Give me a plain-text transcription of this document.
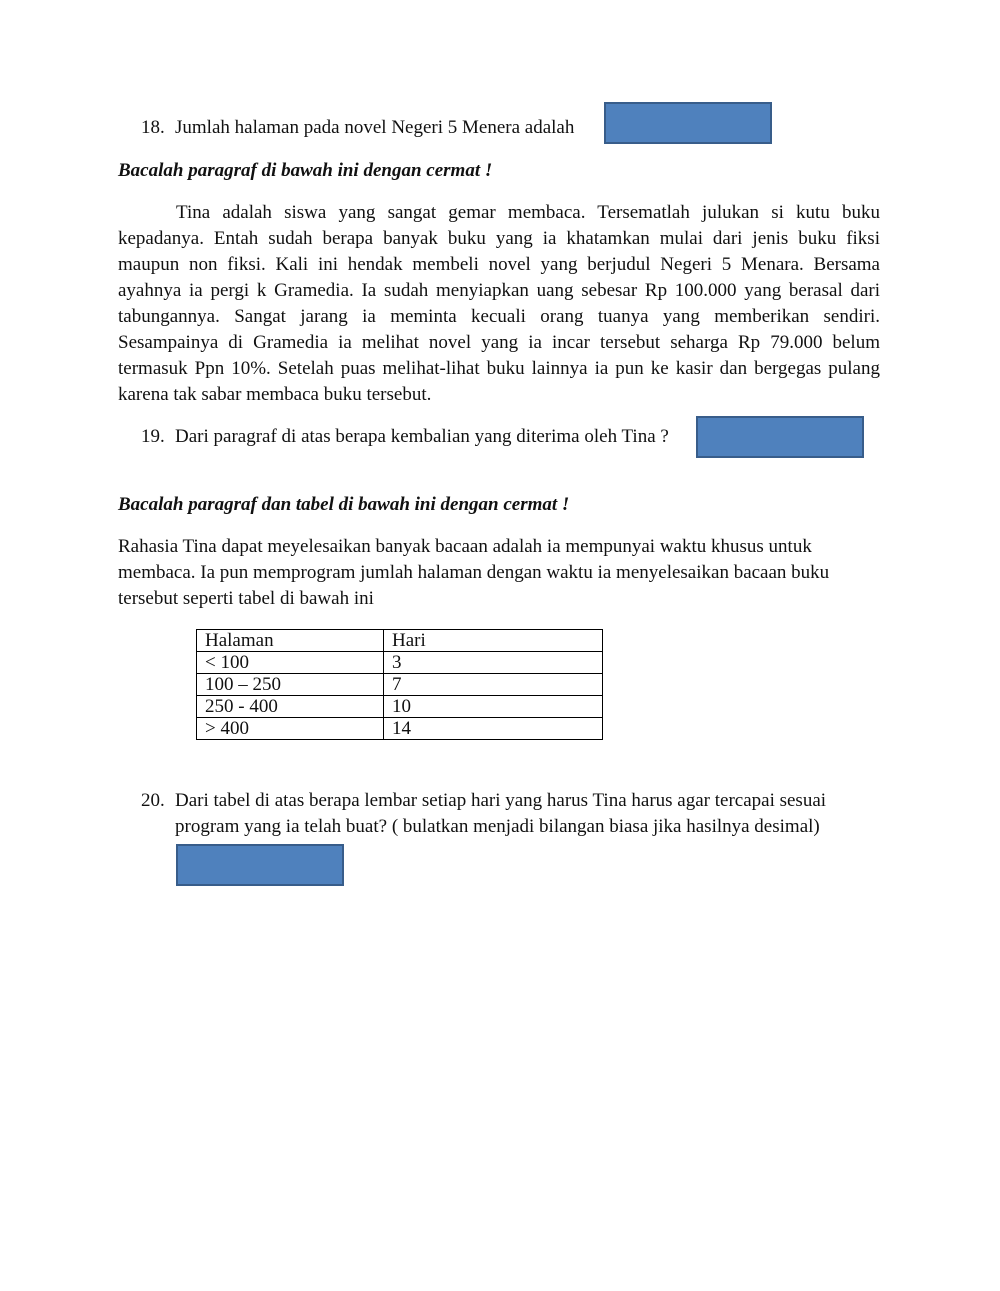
18. Jumlah halaman pada novel Negeri 5 Menera adalah
Bacalah paragraf di bawah ini dengan cermat !
Tina adalah siswa yang sangat gemar membaca. Tersematlah julukan si kutu buku
kepadanya. Entah sudah berapa banyak buku yang ia khatamkan mulai dari jenis buku fiksi
maupun non fiksi. Kali ini hendak membeli novel yang berjudul Negeri 5 Menara. Bersama
ayahnya ia pergi k Gramedia. Ia sudah menyiapkan uang sebesar Rp 100.000 yang berasal dari
tabungannya. Sangat jarang ia meminta kecuali orang tuanya yang memberikan sendiri.
Sesampainya di Gramedia ia melihat novel yang ia incar tersebut seharga Rp 79.000 belum
termasuk Ppn 10%. Setelah puas melihat-lihat buku lainnya ia pun ke kasir dan bergegas pulang
karena tak sabar membaca buku tersebut.
19. Dari paragraf di atas berapa kembalian yang diterima oleh Tina ?
Bacalah paragraf dan tabel di bawah ini dengan cermat !
Rahasia Tina dapat meyelesaikan banyak bacaan adalah ia mempunyai waktu khusus untuk
membaca. Ia pun memprogram jumlah halaman dengan waktu ia menyelesaikan bacaan buku
tersebut seperti tabel di bawah ini
Halaman	Hari
< 100	3
100 – 250	7
250 - 400	10
> 400	14
20. Dari tabel di atas berapa lembar setiap hari yang harus Tina harus agar tercapai sesuai
program yang ia telah buat? ( bulatkan menjadi bilangan biasa jika hasilnya desimal)
